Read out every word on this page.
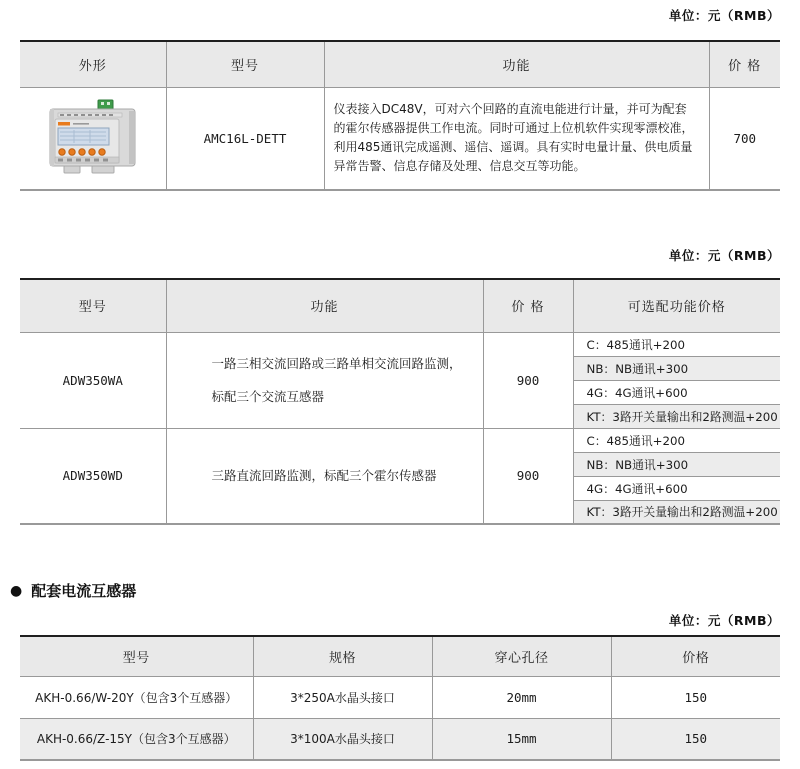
单位：元（RMB）
单位：元（RMB）
单位：元（RMB）
外形	型号	功能	价 格

	AMC16L-DETT	仪表接入DC48V，可对六个回路的直流电能进行计量，并可为配套的霍尔传感器提供工作电流。同时可通过上位机软件实现零漂校准，利用485通讯完成遥测、遥信、遥调。具有实时电量计量、供电质量异常告警、信息存储及处理、信息交互等功能。	700
型号	功能	价 格	可选配功能价格
ADW350WA	一路三相交流回路或三路单相交流回路监测，标配三个交流互感器	900	C：485通讯+200
			NB：NB通讯+300
			4G：4G通讯+600
			KT：3路开关量输出和2路测温+200
ADW350WD	三路直流回路监测，标配三个霍尔传感器	900	C：485通讯+200
			NB：NB通讯+300
			4G：4G通讯+600
			KT：3路开关量输出和2路测温+200
● 配套电流互感器
型号	规格	穿心孔径	价格
AKH-0.66/W-20Y（包含3个互感器）	3*250A水晶头接口	20mm	150
AKH-0.66/Z-15Y（包含3个互感器）	3*100A水晶头接口	15mm	150
